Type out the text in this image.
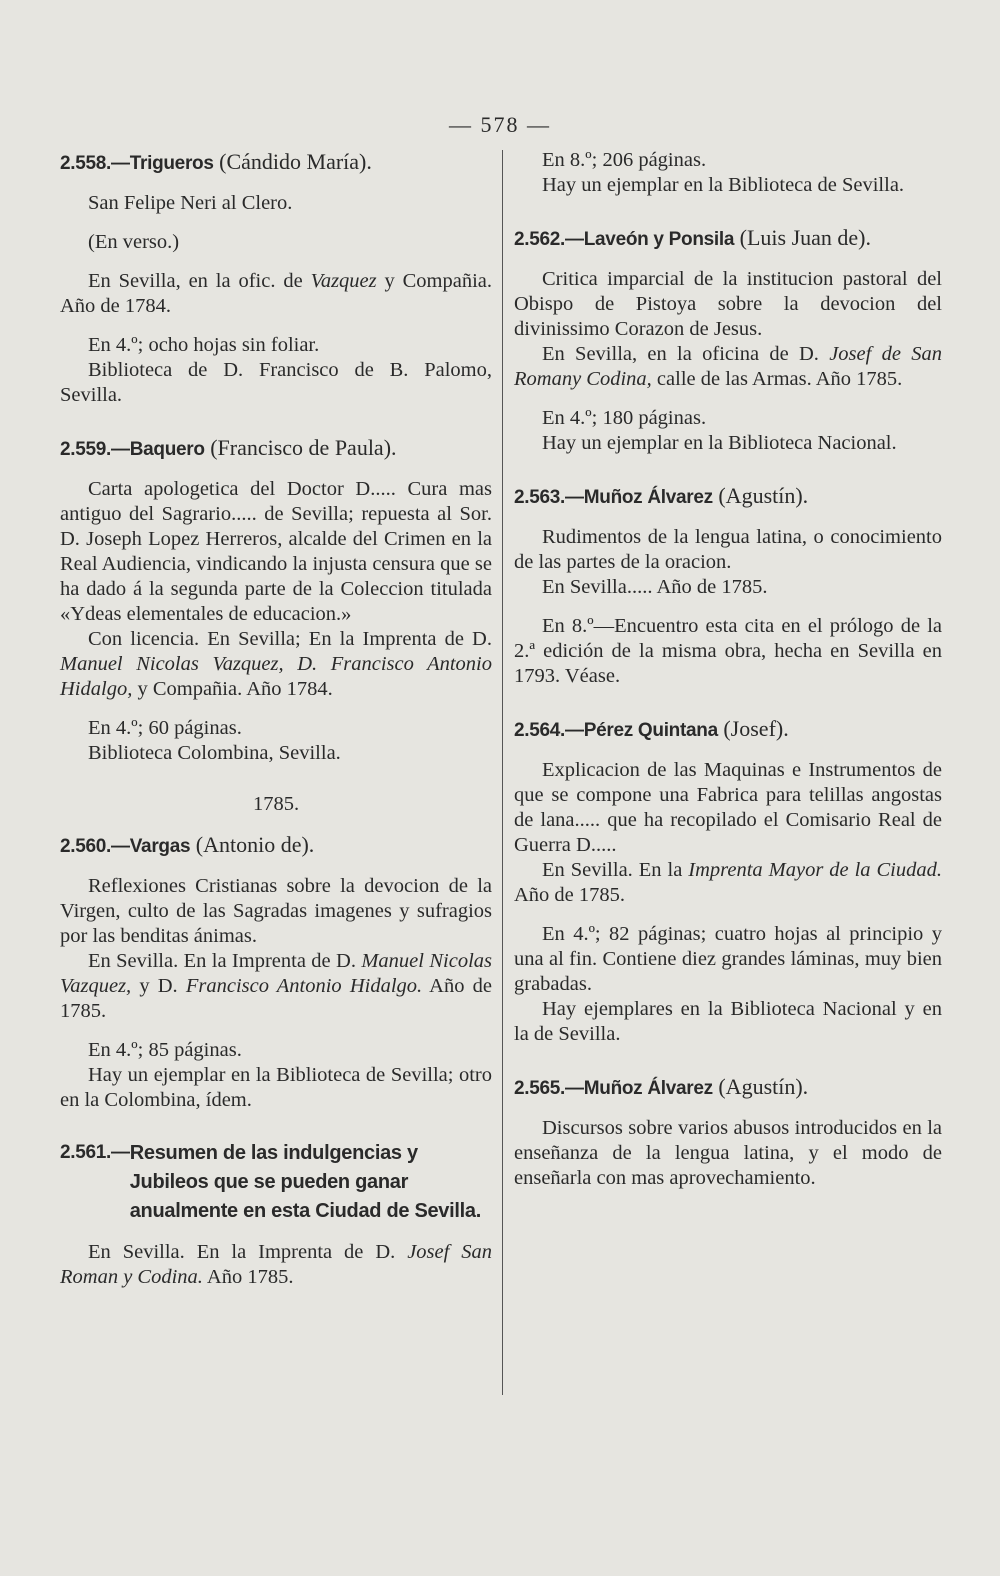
— 578 —
2.558.—Trigueros (Cándido María).

San Felipe Neri al Clero.

(En verso.)

En Sevilla, en la ofic. de Vazquez y Compañia. Año de 1784.

En 4.º; ocho hojas sin foliar.

Biblioteca de D. Francisco de B. Palomo, Sevilla.

2.559.—Baquero (Francisco de Paula).

Carta apologetica del Doctor D..... Cura mas antiguo del Sagrario..... de Sevilla; repuesta al Sor. D. Joseph Lopez Herreros, alcalde del Crimen en la Real Audiencia, vindicando la injusta censura que se ha dado á la segunda parte de la Coleccion titulada «Ydeas elementales de educacion.»

Con licencia. En Sevilla; En la Imprenta de D. Manuel Nicolas Vazquez, D. Francisco Antonio Hidalgo, y Compañia. Año 1784.

En 4.º; 60 páginas.

Biblioteca Colombina, Sevilla.

1785.
2.560.—Vargas (Antonio de).

Reflexiones Cristianas sobre la devocion de la Virgen, culto de las Sagradas imagenes y sufragios por las benditas ánimas.

En Sevilla. En la Imprenta de D. Manuel Nicolas Vazquez, y D. Francisco Antonio Hidalgo. Año de 1785.

En 4.º; 85 páginas.

Hay un ejemplar en la Biblioteca de Sevilla; otro en la Colombina, ídem.

2.561.— Resumen de las indulgencias y Jubileos que se pueden ganar anualmente en esta Ciudad de Sevilla.

En Sevilla. En la Imprenta de D. Josef San Roman y Codina. Año 1785.

En 8.º; 206 páginas.

Hay un ejemplar en la Biblioteca de Sevilla.

2.562.—Laveón y Ponsila (Luis Juan de).

Critica imparcial de la institucion pastoral del Obispo de Pistoya sobre la devocion del divinissimo Corazon de Jesus.

En Sevilla, en la oficina de D. Josef de San Romany Codina, calle de las Armas. Año 1785.

En 4.º; 180 páginas.

Hay un ejemplar en la Biblioteca Nacional.

2.563.—Muñoz Álvarez (Agustín).

Rudimentos de la lengua latina, o conocimiento de las partes de la oracion.

En Sevilla..... Año de 1785.

En 8.º—Encuentro esta cita en el prólogo de la 2.ª edición de la misma obra, hecha en Sevilla en 1793. Véase.

2.564.—Pérez Quintana (Josef).

Explicacion de las Maquinas e Instrumentos de que se compone una Fabrica para telillas angostas de lana..... que ha recopilado el Comisario Real de Guerra D.....

En Sevilla. En la Imprenta Mayor de la Ciudad. Año de 1785.

En 4.º; 82 páginas; cuatro hojas al principio y una al fin. Contiene diez grandes láminas, muy bien grabadas.

Hay ejemplares en la Biblioteca Nacional y en la de Sevilla.

2.565.—Muñoz Álvarez (Agustín).

Discursos sobre varios abusos introducidos en la enseñanza de la lengua latina, y el modo de enseñarla con mas aprovechamiento.
